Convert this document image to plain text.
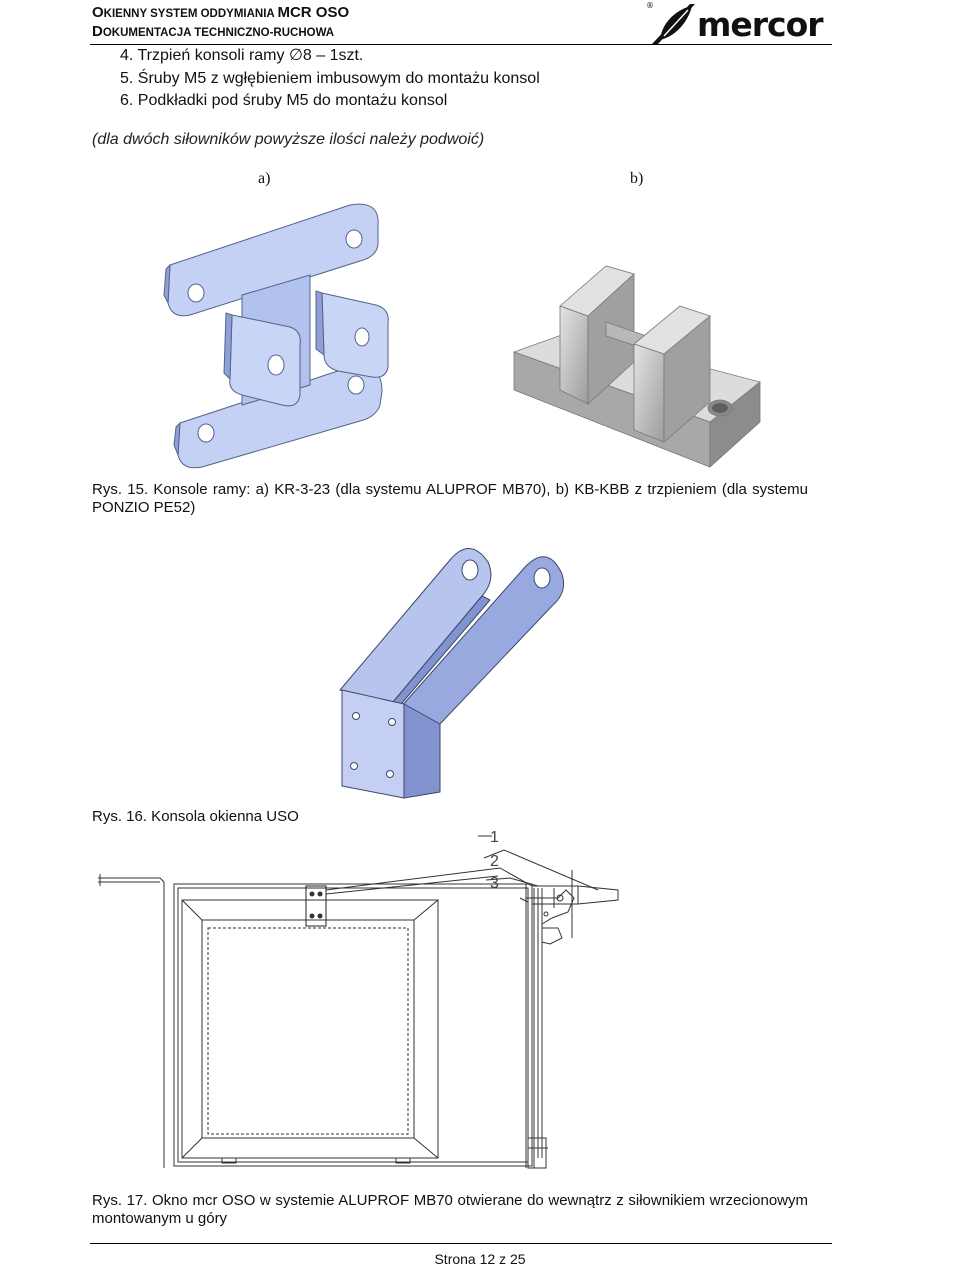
OKIENNY SYSTEM ODDYMIANIA MCR OSO
DOKUMENTACJA TECHNICZNO-RUCHOWA
® mercor
4. Trzpień konsoli ramy ∅8 – 1szt.
5. Śruby M5 z wgłębieniem imbusowym do montażu konsol
6. Podkładki pod śruby M5 do montażu konsol
(dla dwóch siłowników powyższe ilości należy podwoić)
a)	b)
Rys. 15. Konsole ramy: a) KR-3-23 (dla systemu ALUPROF MB70), b) KB-KBB z trzpieniem (dla systemu PONZIO PE52)
Rys. 16. Konsola okienna USO
1
2
3
Rys. 17. Okno mcr OSO w systemie ALUPROF MB70 otwierane do wewnątrz z siłownikiem wrzecionowym montowanym u góry
Strona 12 z 25
